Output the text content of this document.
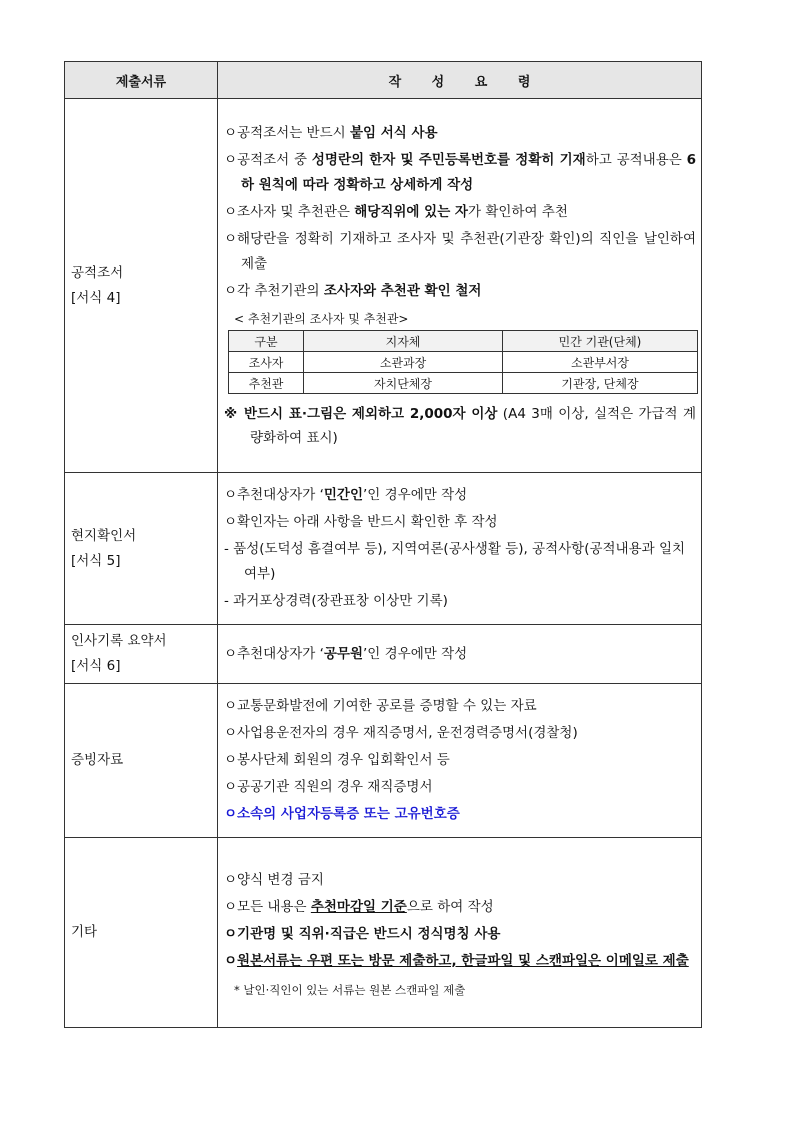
제출서류	작 성 요 령

공적조서
[서식 4]

ㅇ공적조서는 반드시 붙임 서식 사용
ㅇ공적조서 중 성명란의 한자 및 주민등록번호를 정확히 기재하고 공적내용은 6하 원칙에 따라 정확하고 상세하게 작성
ㅇ조사자 및 추천관은 해당직위에 있는 자가 확인하여 추천
ㅇ해당란을 정확히 기재하고 조사자 및 추천관(기관장 확인)의 직인을 날인하여 제출
ㅇ각 추천기관의 조사자와 추천관 확인 철저
< 추천기관의 조사자 및 추천관>
구분	지자체	민간 기관(단체)
조사자	소관과장	소관부서장
추천관	자치단체장	기관장, 단체장
※ 반드시 표·그림은 제외하고 2,000자 이상 (A4 3매 이상, 실적은 가급적 계량화하여 표시)

현지확인서
[서식 5]

ㅇ추천대상자가 ‘민간인’인 경우에만 작성
ㅇ확인자는 아래 사항을 반드시 확인한 후 작성
- 품성(도덕성 흠결여부 등), 지역여론(공사생활 등), 공적사항(공적내용과 일치여부)
- 과거포상경력(장관표창 이상만 기록)

인사기록 요약서
[서식 6]

ㅇ추천대상자가 ‘공무원’인 경우에만 작성

증빙자료

ㅇ교통문화발전에 기여한 공로를 증명할 수 있는 자료
ㅇ사업용운전자의 경우 재직증명서, 운전경력증명서(경찰청)
ㅇ봉사단체 회원의 경우 입회확인서 등
ㅇ공공기관 직원의 경우 재직증명서
ㅇ소속의 사업자등록증 또는 고유번호증

기타

ㅇ양식 변경 금지
ㅇ모든 내용은 추천마감일 기준으로 하여 작성
ㅇ기관명 및 직위·직급은 반드시 정식명칭 사용
ㅇ원본서류는 우편 또는 방문 제출하고, 한글파일 및 스캔파일은 이메일로 제출
* 날인·직인이 있는 서류는 원본 스캔파일 제출
